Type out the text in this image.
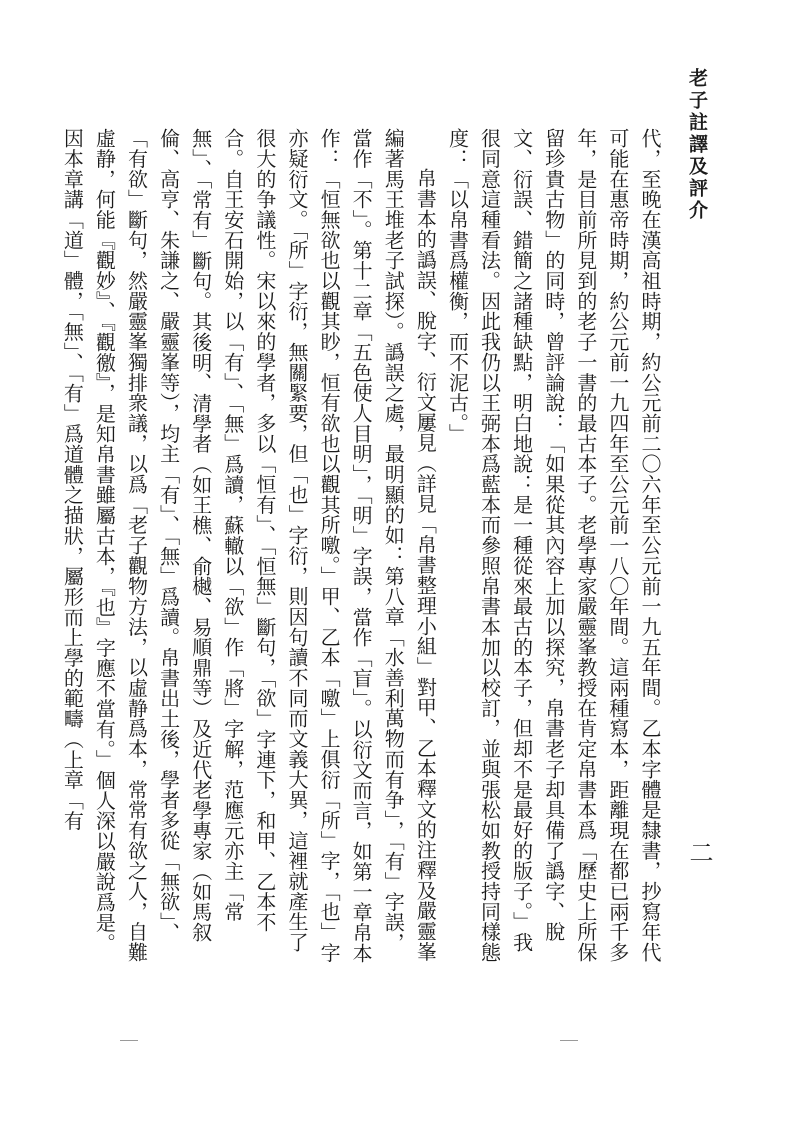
老子註譯及評介

代，至晚在漢高祖時期，約公元前二〇六年至公元前一九五年間。乙本字體是隸書，抄寫年代可能在惠帝時期，約公元前一九四年至公元前一八〇年間。這兩種寫本，距離現在都已兩千多年，是目前所見到的老子一書的最古本子。老學專家嚴靈峯教授在肯定帛書本爲「歷史上所保留珍貴古物」的同時，曾評論說：「如果從其內容上加以探究，帛書老子却具備了譌字、脫文、衍誤、錯簡之諸種缺點，明白地說：是一種從來最古的本子，但却不是最好的版子。」我很同意這種看法。因此我仍以王弼本爲藍本而參照帛書本加以校訂，並與張松如教授持同樣態度：「以帛書爲權衡，而不泥古。」

帛書本的譌誤、脫字、衍文屢見（詳見「帛書整理小組」對甲、乙本釋文的注釋及嚴靈峯編著馬王堆老子試探）。譌誤之處，最明顯的如：第八章「水善利萬物而有争」，「有」字誤，當作「不」。第十二章「五色使人目明」，「明」字誤，當作「盲」。以衍文而言，如第一章帛本作：「恒無欲也以觀其眇，恒有欲也以觀其所噭。」甲、乙本「噭」上俱衍「所」字，「也」字亦疑衍文。「所」字衍，無關緊要，但「也」字衍，則因句讀不同而文義大異，這裡就產生了很大的争議性。宋以來的學者，多以「恒有」、「恒無」斷句，「欲」字連下，和甲、乙本不合。自王安石開始，以「有」、「無」爲讀，蘇轍以「欲」作「將」字解，范應元亦主「常無」、「常有」斷句。其後明、清學者（如王樵、俞樾、易順鼎等）及近代老學專家（如馬叙倫、高亨、朱謙之、嚴靈峯等），均主「有」、「無」爲讀。帛書出土後，學者多從「無欲」、「有欲」斷句，然嚴靈峯獨排衆議，以爲「老子觀物方法，以虛静爲本，常常有欲之人，自難虛静，何能『觀妙』、『觀徼』，是知帛書雖屬古本，『也』字應不當有。」個人深以嚴說爲是。因本章講「道」體，「無」、「有」爲道體之描狀，屬形而上學的範疇（上章「有

二
